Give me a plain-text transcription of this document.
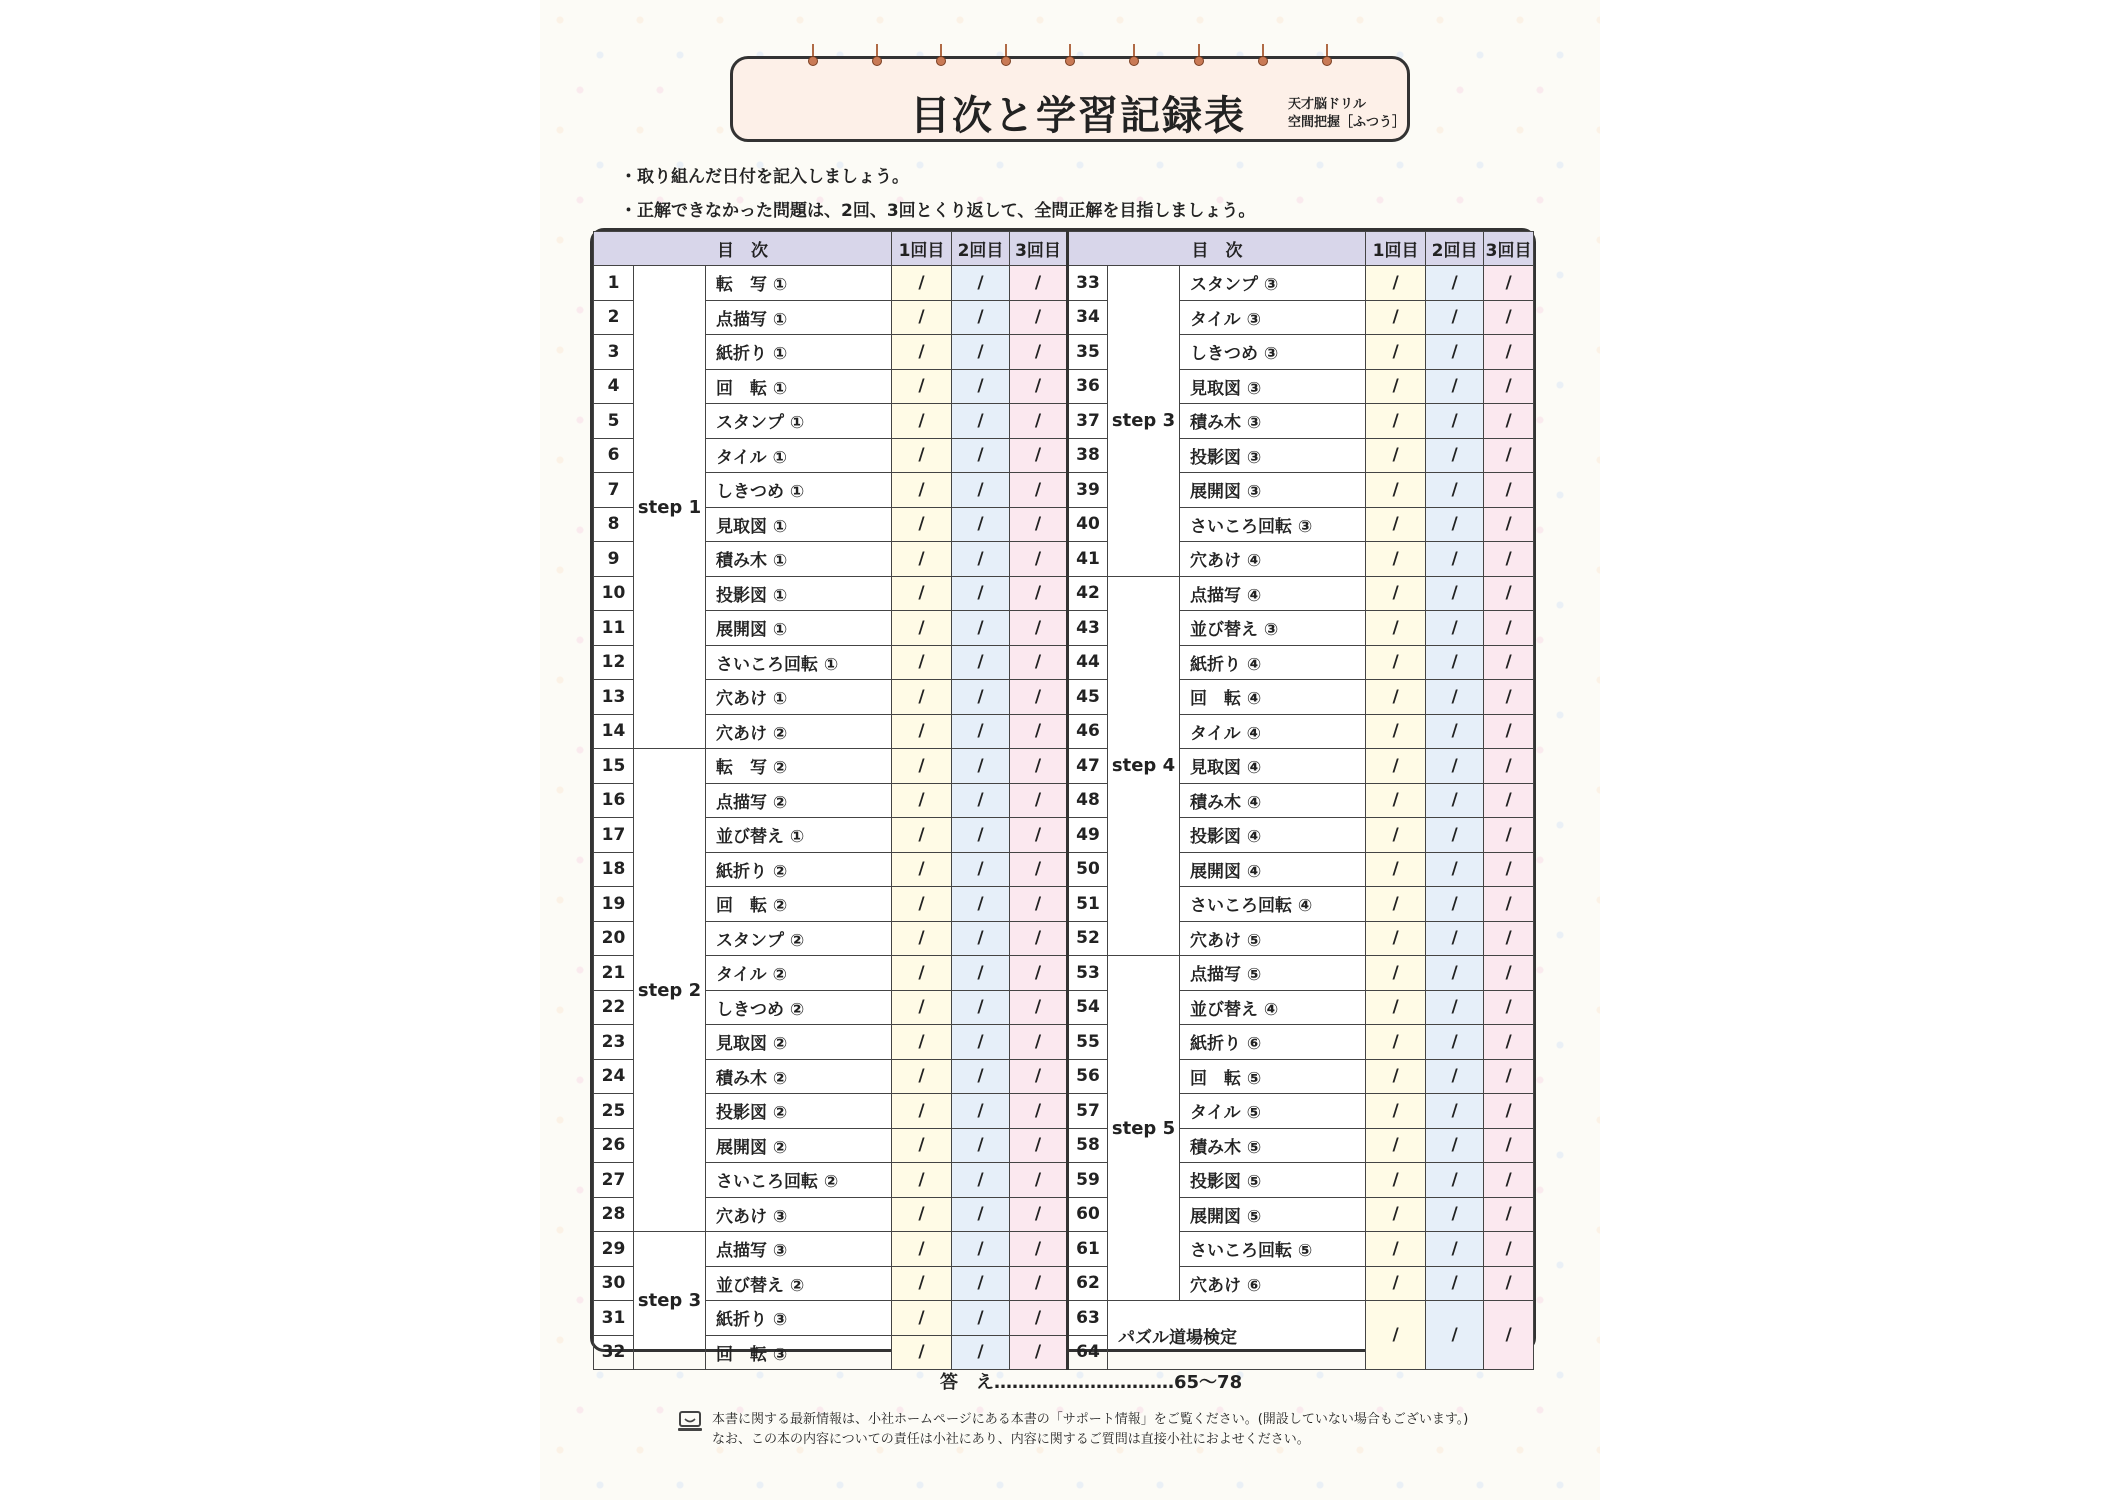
目次と学習記録表	天才脳ドリル
空間把握［ふつう］
・取り組んだ日付を記入しましょう。
・正解できなかった問題は、2回、3回とくり返して、全問正解を目指しましょう。
目　次			1回目	2回目	3回目	目　次			1回目	2回目	3回目
1	step 1	転　写 ①	/	/	/	33	step 3	スタンプ ③	/	/	/
2		点描写 ①	/	/	/	34		タイル ③	/	/	/
3		紙折り ①	/	/	/	35		しきつめ ③	/	/	/
4		回　転 ①	/	/	/	36		見取図 ③	/	/	/
5		スタンプ ①	/	/	/	37		積み木 ③	/	/	/
6		タイル ①	/	/	/	38		投影図 ③	/	/	/
7		しきつめ ①	/	/	/	39		展開図 ③	/	/	/
8		見取図 ①	/	/	/	40		さいころ回転 ③	/	/	/
9		積み木 ①	/	/	/	41		穴あけ ④	/	/	/
10		投影図 ①	/	/	/	42	step 4	点描写 ④	/	/	/
11		展開図 ①	/	/	/	43		並び替え ③	/	/	/
12		さいころ回転 ①	/	/	/	44		紙折り ④	/	/	/
13		穴あけ ①	/	/	/	45		回　転 ④	/	/	/
14		穴あけ ②	/	/	/	46		タイル ④	/	/	/
15	step 2	転　写 ②	/	/	/	47		見取図 ④	/	/	/
16		点描写 ②	/	/	/	48		積み木 ④	/	/	/
17		並び替え ①	/	/	/	49		投影図 ④	/	/	/
18		紙折り ②	/	/	/	50		展開図 ④	/	/	/
19		回　転 ②	/	/	/	51		さいころ回転 ④	/	/	/
20		スタンプ ②	/	/	/	52		穴あけ ⑤	/	/	/
21		タイル ②	/	/	/	53	step 5	点描写 ⑤	/	/	/
22		しきつめ ②	/	/	/	54		並び替え ④	/	/	/
23		見取図 ②	/	/	/	55		紙折り ⑥	/	/	/
24		積み木 ②	/	/	/	56		回　転 ⑤	/	/	/
25		投影図 ②	/	/	/	57		タイル ⑤	/	/	/
26		展開図 ②	/	/	/	58		積み木 ⑤	/	/	/
27		さいころ回転 ②	/	/	/	59		投影図 ⑤	/	/	/
28		穴あけ ③	/	/	/	60		展開図 ⑤	/	/	/
29	step 3	点描写 ③	/	/	/	61		さいころ回転 ⑤	/	/	/
30		並び替え ②	/	/	/	62		穴あけ ⑥	/	/	/
31		紙折り ③	/	/	/	63	パズル道場検定		/	/	/
32		回　転 ③	/	/	/	64					
答　え…………………………65〜78
本書に関する最新情報は、小社ホームページにある本書の「サポート情報」をご覧ください。(開設していない場合もございます。)
なお、この本の内容についての責任は小社にあり、内容に関するご質問は直接小社におよせください。
